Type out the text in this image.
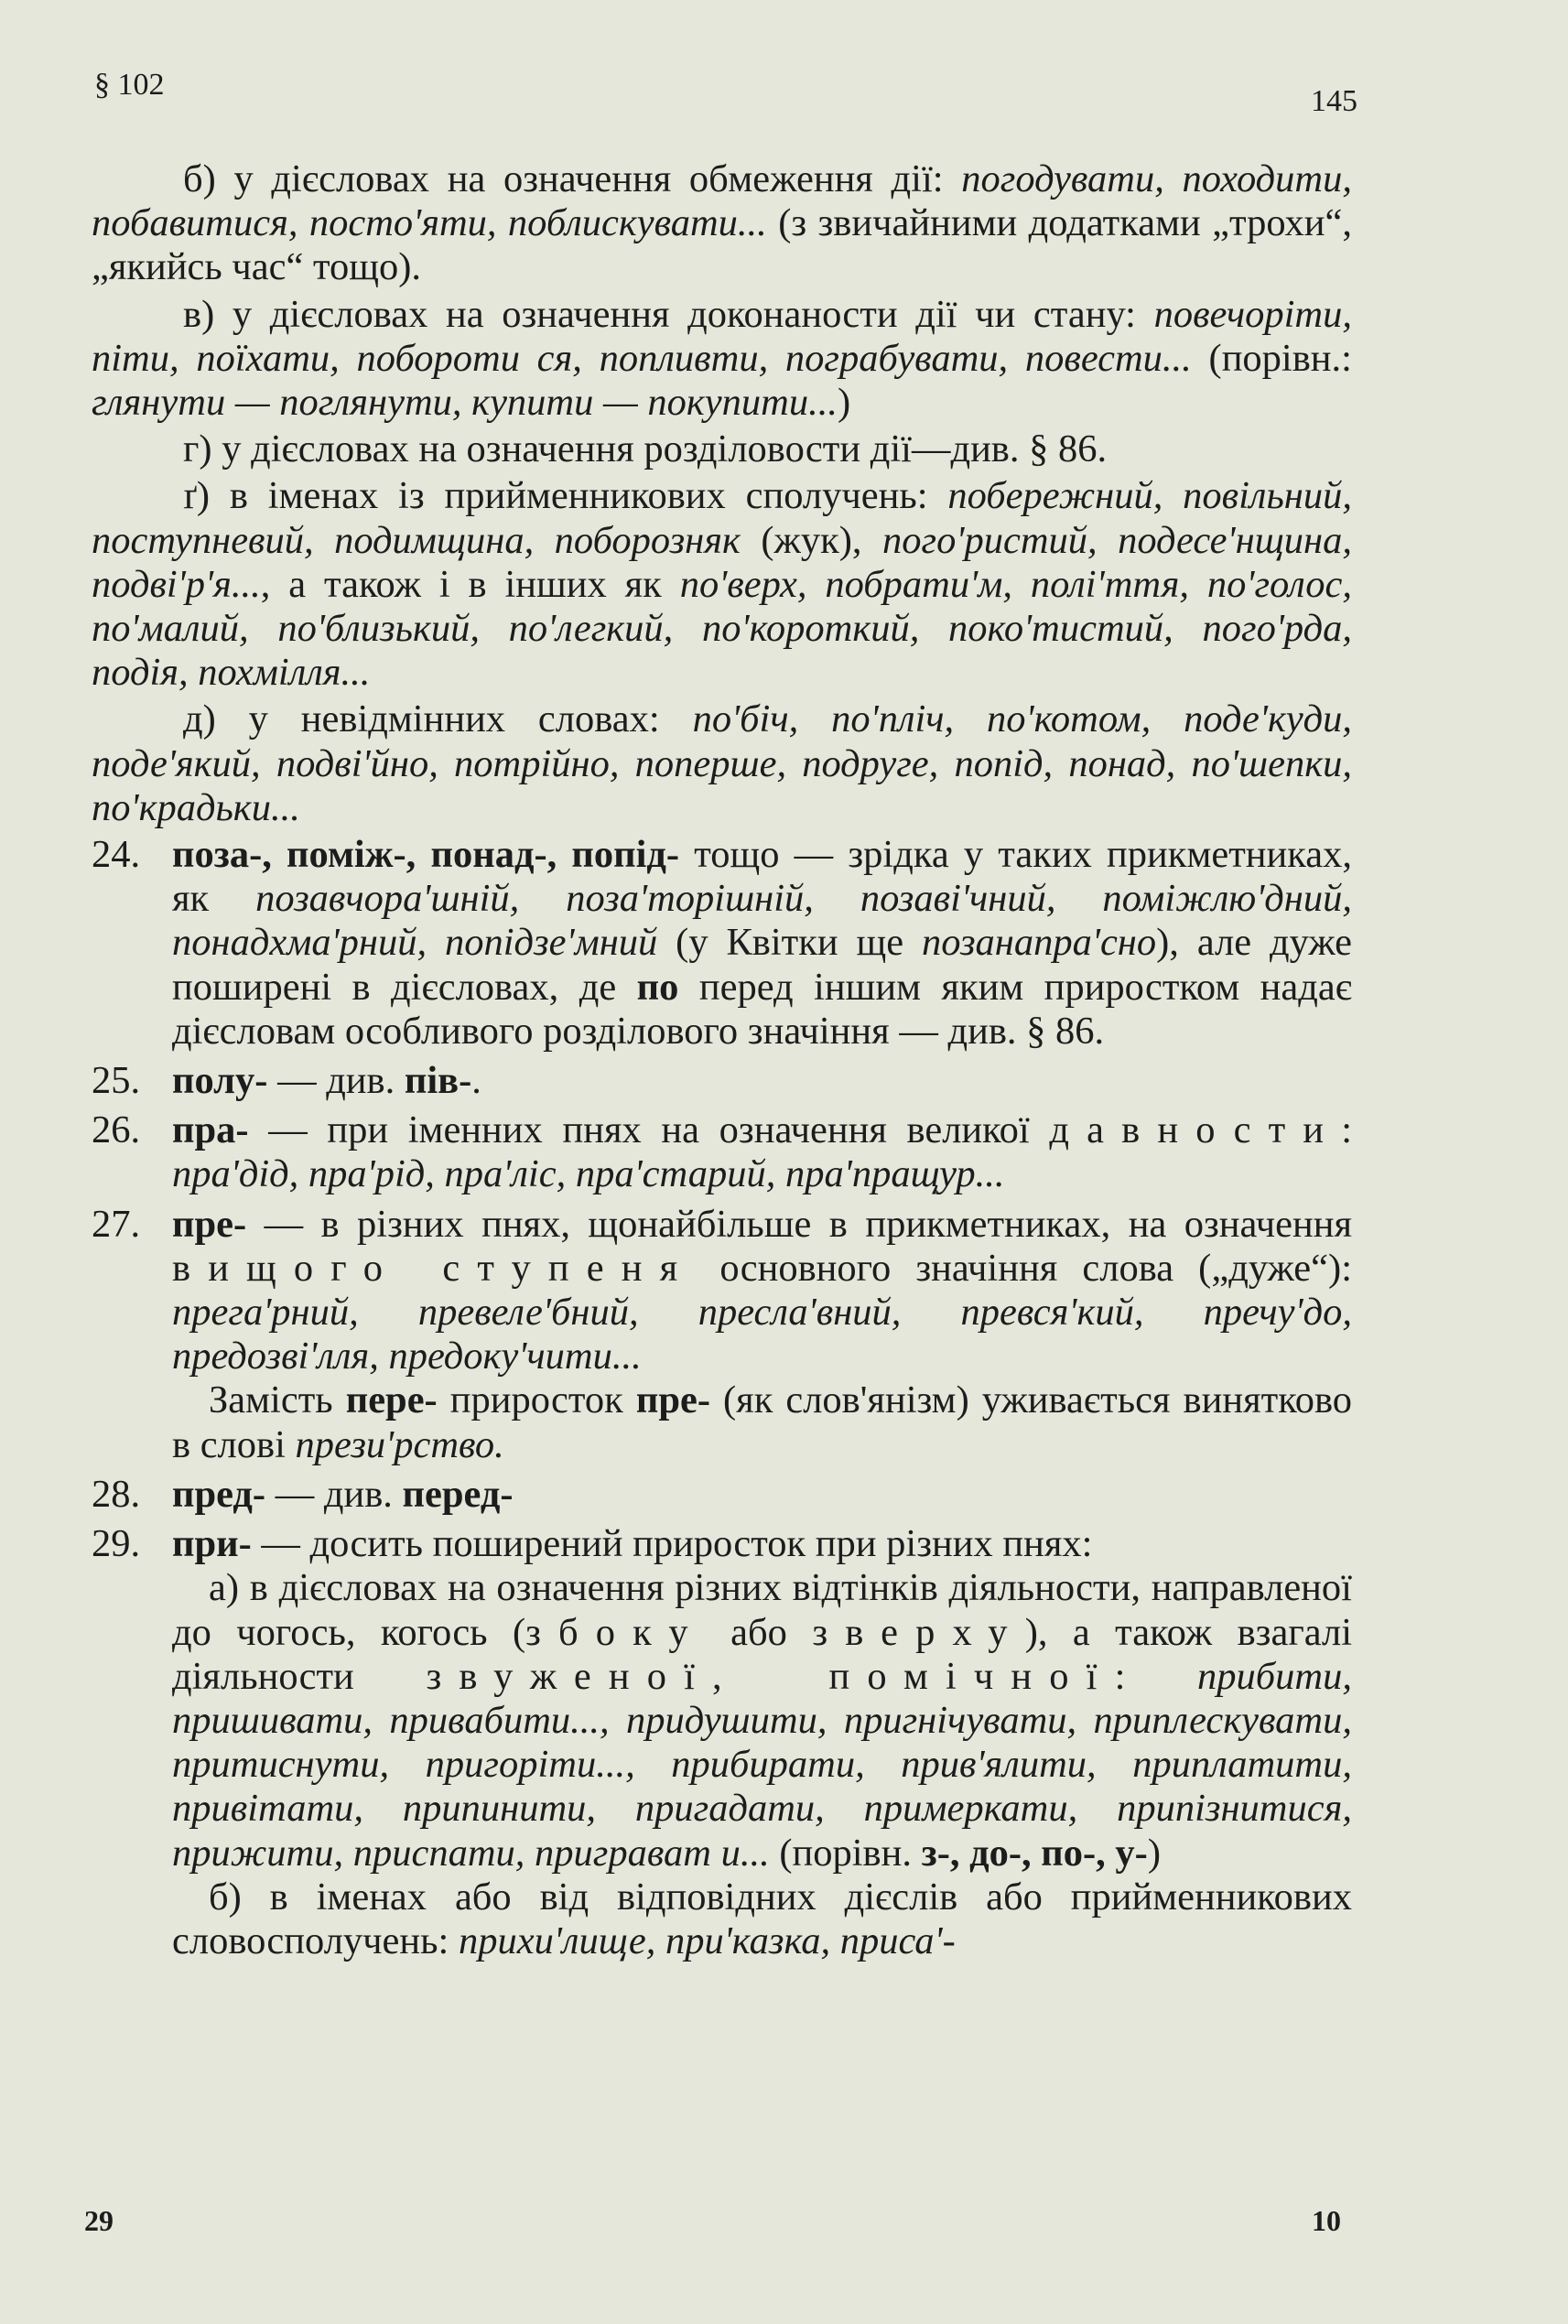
§ 102	145

б) у дієсловах на означення обмеження дії: погодувати, походити, побавитися, посто'яти, поблискувати... (з звичайними додатками „трохи“, „якийсь час“ тощо).

в) у дієсловах на означення доконаности дії чи стану: повечоріти, піти, поїхати, побороти ся, попливти, пограбувати, повести... (порівн.: глянути — поглянути, купити — покупити...)

г) у дієсловах на означення розділовости дії—див. § 86.

ґ) в іменах із прийменникових сполучень: побережний, повільний, поступневий, подимщина, поборозняк (жук), пого'ристий, подесе'нщина, подві'р'я..., а також і в інших як по'верх, побрати'м, полі'ття, по'голос, по'малий, по'близький, по'легкий, по'короткий, поко'тистий, пого'рда, подія, похмілля...

д) у невідмінних словах: по'біч, по'пліч, по'котом, поде'куди, поде'який, подві'йно, потрійно, поперше, подруге, попід, понад, по'шепки, по'крадьки...

24. поза-, поміж-, понад-, попід- тощо — зрідка у таких прикметниках, як позавчора'шній, поза'торішній, позаві'чний, поміжлю'дний, понадхма'рний, попідзе'мний (у Квітки ще позанапра'сно), але дуже поширені в дієсловах, де по перед іншим яким приростком надає дієсловам особливого розділового значіння — див. § 86.
25. полу- — див. пів-.
26. пра- — при іменних пнях на означення великої давности: пра'дід, пра'рід, пра'ліс, пра'старий, пра'пращур...
27. пре- — в різних пнях, щонайбільше в прикметниках, на означення вищого ступеня основного значіння слова („дуже“): прега'рний, превеле'бний, пресла'вний, превся'кий, пречу'до, предозві'лля, предоку'чити...
Замість пере- приросток пре- (як слов'янізм) уживається винятково в слові прези'рство.
28. пред- — див. перед-
29. при- — досить поширений приросток при різних пнях:
а) в дієсловах на означення різних відтінків діяльности, направленої до чогось, когось (збоку або зверху), а також взагалі діяльности звуженої, помічної: прибити, пришивати, привабити..., придушити, пригнічувати, приплескувати, притиснути, пригоріти..., прибирати, прив'ялити, приплатити, привітати, припинити, пригадати, примеркати, припізнитися, прижити, приспати, приграват и... (порівн. з-, до-, по-, у-)
б) в іменах або від відповідних дієслів або прийменникових словосполучень: прихи'лище, при'казка, приса'-
29	10
